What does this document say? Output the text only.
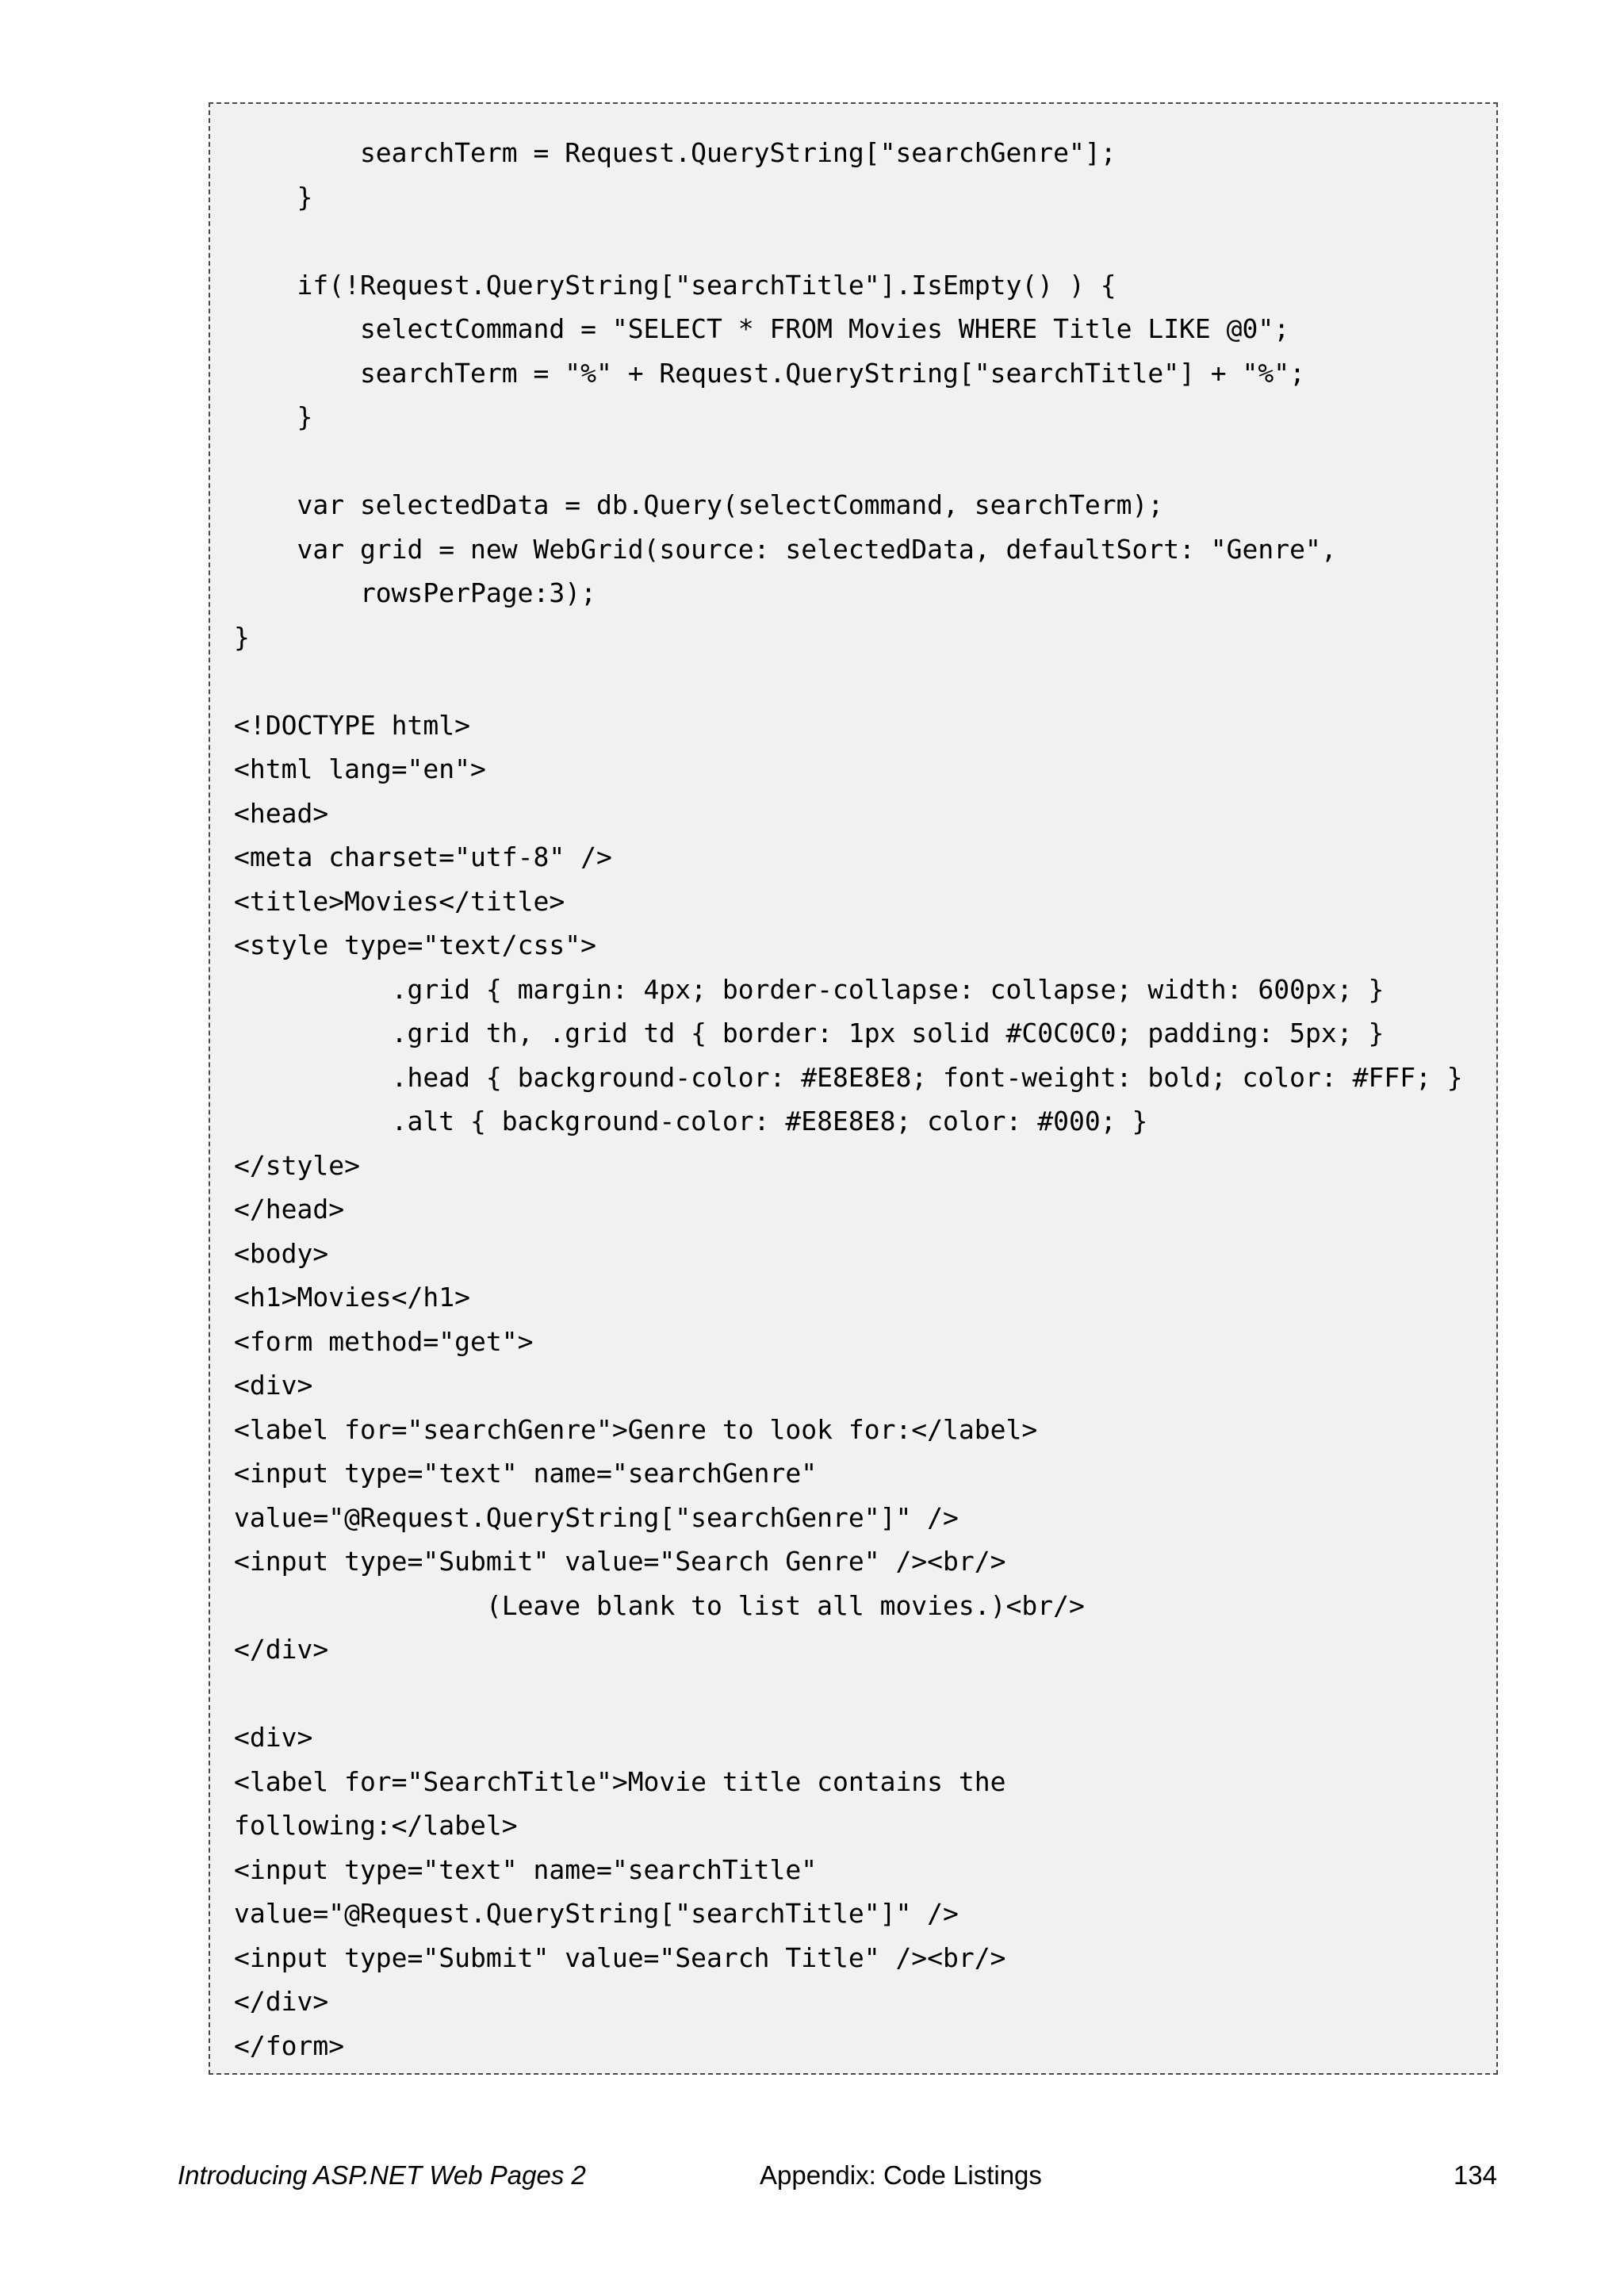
searchTerm = Request.QueryString["searchGenre"];
}
if(!Request.QueryString["searchTitle"].IsEmpty() ) {
selectCommand = "SELECT * FROM Movies WHERE Title LIKE @0";
searchTerm = "%" + Request.QueryString["searchTitle"] + "%";
}
var selectedData = db.Query(selectCommand, searchTerm);
var grid = new WebGrid(source: selectedData, defaultSort: "Genre",
rowsPerPage:3);
}
<!DOCTYPE html>
<html lang="en">
<head>
<meta charset="utf-8" />
<title>Movies</title>
<style type="text/css">
.grid { margin: 4px; border-collapse: collapse; width: 600px; }
.grid th, .grid td { border: 1px solid #C0C0C0; padding: 5px; }
.head { background-color: #E8E8E8; font-weight: bold; color: #FFF; }
.alt { background-color: #E8E8E8; color: #000; }
</style>
</head>
<body>
<h1>Movies</h1>
<form method="get">
<div>
<label for="searchGenre">Genre to look for:</label>
<input type="text" name="searchGenre"
value="@Request.QueryString["searchGenre"]" />
<input type="Submit" value="Search Genre" /><br/>
(Leave blank to list all movies.)<br/>
</div>
<div>
<label for="SearchTitle">Movie title contains the
following:</label>
<input type="text" name="searchTitle"
value="@Request.QueryString["searchTitle"]" />
<input type="Submit" value="Search Title" /><br/>
</div>
</form>
Introducing ASP.NET Web Pages 2	Appendix: Code Listings	134
